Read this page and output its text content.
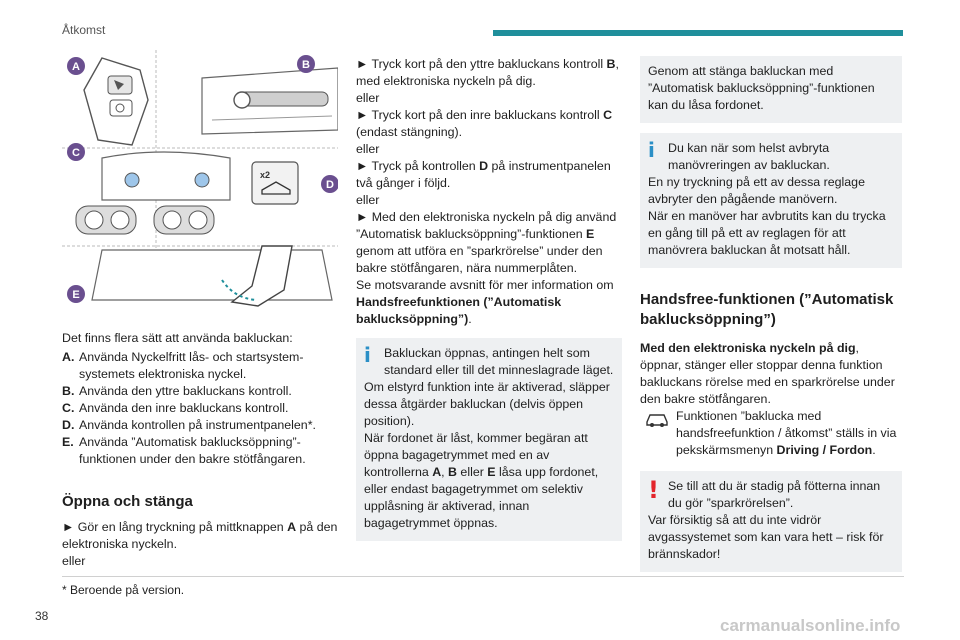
Åtkomst
x2
A	B
C
D
E

Det finns flera sätt att använda bakluckan:

A. Använda Nyckelfritt lås- och startsystem-systemets elektroniska nyckel.
B. Använda den yttre bakluckans kontroll.
C. Använda den inre bakluckans kontroll.
D. Använda kontrollen på instrumentpanelen*.
E. Använda ”Automatisk baklucksöppning”-funktionen under den bakre stötfångaren.
Öppna och stänga

► Gör en lång tryckning på mittknappen A på den elektroniska nyckeln.

eller

► Tryck kort på den yttre bakluckans kontroll B, med elektroniska nyckeln på dig.

eller

► Tryck kort på den inre bakluckans kontroll C (endast stängning).

eller

► Tryck på kontrollen D på instrumentpanelen två gånger i följd.

eller

► Med den elektroniska nyckeln på dig använd ”Automatisk baklucksöppning”-funktionen E genom att utföra en ”sparkrörelse” under den bakre stötfångaren, nära nummerplåten.

Se motsvarande avsnitt för mer information om Handsfreefunktionen (”Automatisk baklucksöppning”).

i	Bakluckan öppnas, antingen helt som standard eller till det minneslagrade läget.

Om elstyrd funktion inte är aktiverad, släpper dessa åtgärder bakluckan (delvis öppen position).

När fordonet är låst, kommer begäran att öppna bagagetrymmet med en av kontrollerna A, B eller E låsa upp fordonet, eller endast bagagetrymmet om selektiv upplåsning är aktiverad, innan bagagetrymmet öppnas.

Genom att stänga bakluckan med ”Automatisk baklucksöppning”-funktionen kan du låsa fordonet.

i	Du kan när som helst avbryta manövreringen av bakluckan.

En ny tryckning på ett av dessa reglage avbryter den pågående manövern.

När en manöver har avbrutits kan du trycka en gång till på ett av reglagen för att manövrera bakluckan åt motsatt håll.

Handsfree-funktionen (”Automatisk baklucksöppning”)

Med den elektroniska nyckeln på dig, öppnar, stänger eller stoppar denna funktion bakluckans rörelse med en sparkrörelse under den bakre stötfångaren.

Funktionen ”baklucka med handsfreefunktion / åtkomst” ställs in via pekskärmsmenyn Driving / Fordon.

! Se till att du är stadig på fötterna innan du gör ”sparkrörelsen”.

Var försiktig så att du inte vidrör avgassystemet som kan vara hett – risk för brännskador!

* Beroende på version.
38	carmanualsonline.info
